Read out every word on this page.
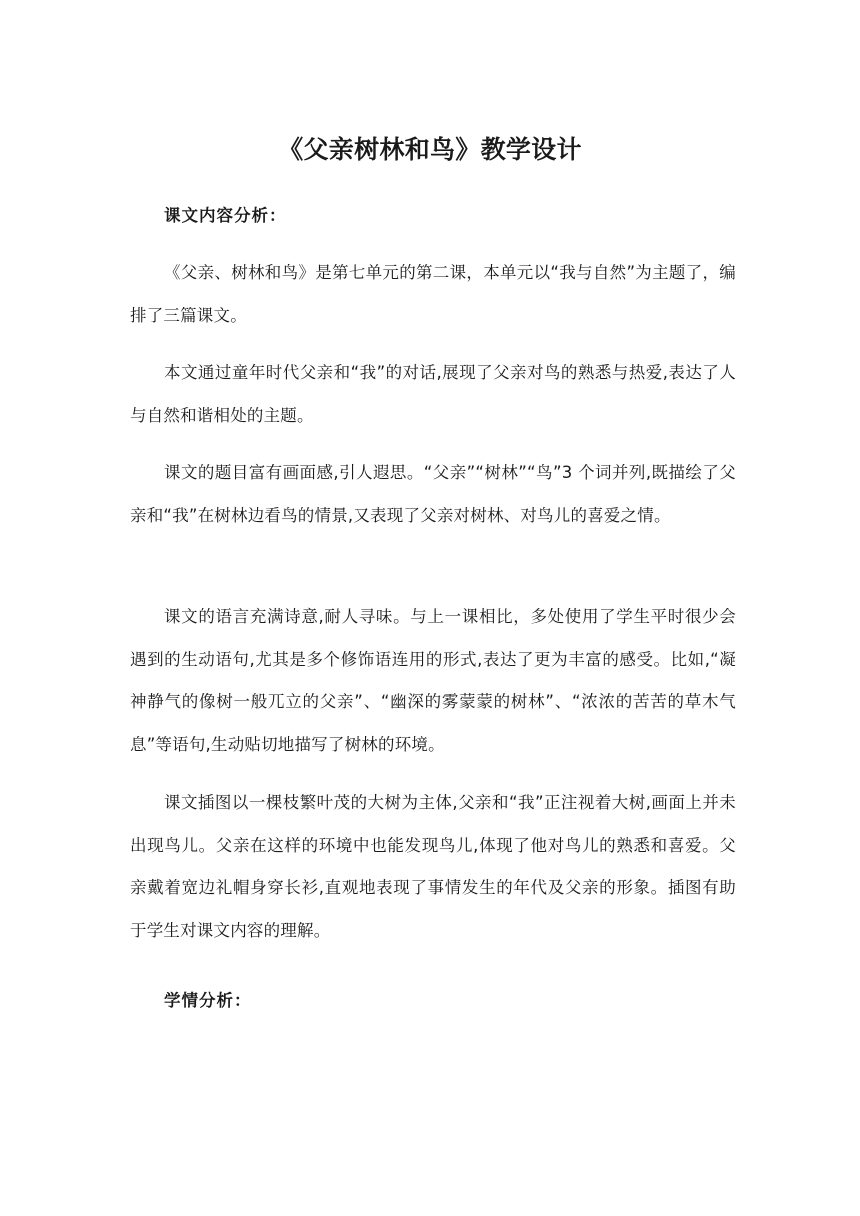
《父亲树林和鸟》教学设计
课文内容分析：

《父亲、树林和鸟》是第七单元的第二课，本单元以“我与自然”为主题了，编排了三篇课文。

本文通过童年时代父亲和“我”的对话,展现了父亲对鸟的熟悉与热爱,表达了人与自然和谐相处的主题。

课文的题目富有画面感,引人遐思。“父亲”“树林”“鸟”3 个词并列,既描绘了父亲和“我”在树林边看鸟的情景,又表现了父亲对树林、对鸟儿的喜爱之情。

课文的语言充满诗意,耐人寻味。与上一课相比，多处使用了学生平时很少会遇到的生动语句,尤其是多个修饰语连用的形式,表达了更为丰富的感受。比如,“凝神静气的像树一般兀立的父亲”、“幽深的雾蒙蒙的树林”、“浓浓的苦苦的草木气息”等语句,生动贴切地描写了树林的环境。

课文插图以一棵枝繁叶茂的大树为主体,父亲和“我”正注视着大树,画面上并未出现鸟儿。父亲在这样的环境中也能发现鸟儿,体现了他对鸟儿的熟悉和喜爱。父亲戴着宽边礼帽身穿长衫,直观地表现了事情发生的年代及父亲的形象。插图有助于学生对课文内容的理解。

学情分析：
